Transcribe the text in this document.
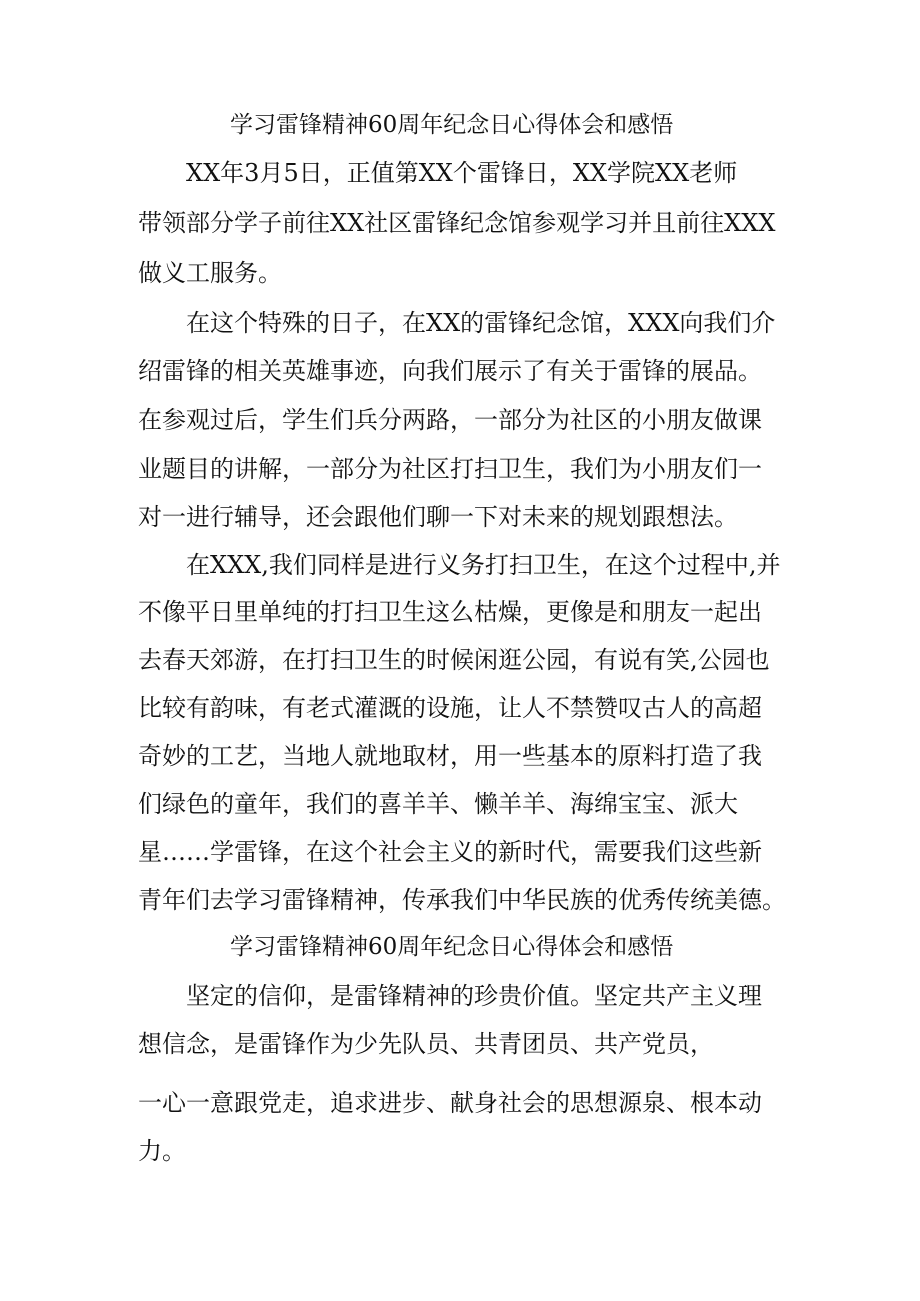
学习雷锋精神60周年纪念日心得体会和感悟

XX年3月5日，正值第XX个雷锋日，XX学院XX老师

带领部分学子前往XX社区雷锋纪念馆参观学习并且前往XXX

做义工服务。

在这个特殊的日子，在XX的雷锋纪念馆，XXX向我们介

绍雷锋的相关英雄事迹，向我们展示了有关于雷锋的展品。

在参观过后，学生们兵分两路，一部分为社区的小朋友做课

业题目的讲解，一部分为社区打扫卫生，我们为小朋友们一

对一进行辅导，还会跟他们聊一下对未来的规划跟想法。

在XXX,我们同样是进行义务打扫卫生，在这个过程中,并

不像平日里单纯的打扫卫生这么枯燥，更像是和朋友一起出

去春天郊游，在打扫卫生的时候闲逛公园，有说有笑,公园也

比较有韵味，有老式灌溉的设施，让人不禁赞叹古人的高超

奇妙的工艺，当地人就地取材，用一些基本的原料打造了我

们绿色的童年，我们的喜羊羊、懒羊羊、海绵宝宝、派大

星……学雷锋，在这个社会主义的新时代，需要我们这些新

青年们去学习雷锋精神，传承我们中华民族的优秀传统美德。

学习雷锋精神60周年纪念日心得体会和感悟

坚定的信仰，是雷锋精神的珍贵价值。坚定共产主义理

想信念，是雷锋作为少先队员、共青团员、共产党员，

一心一意跟党走，追求进步、献身社会的思想源泉、根本动

力。
